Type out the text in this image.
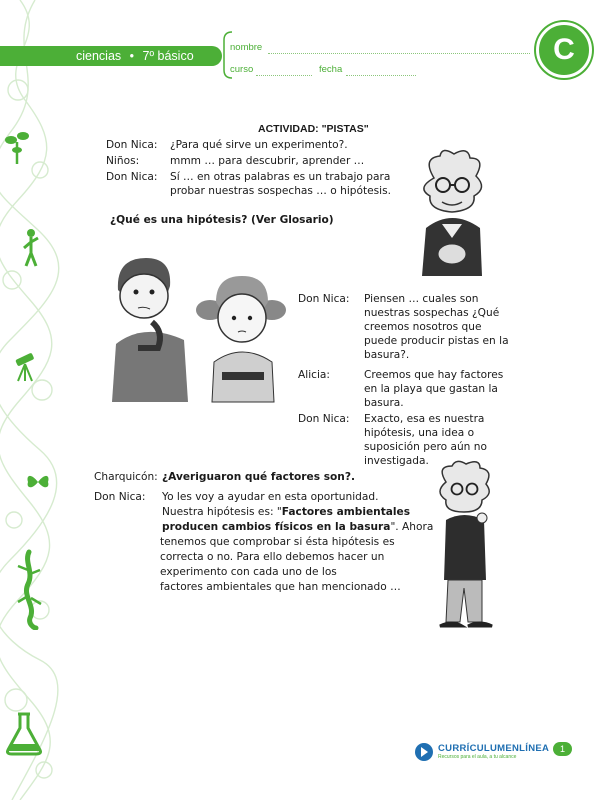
ciencias • 7º básico
nombre
curso	fecha
C
ACTIVIDAD: "PISTAS"
Don Nica: ¿Para qué sirve un experimento?.
Niños:	mmm … para descubrir, aprender …
Don Nica: Sí … en otras palabras es un trabajo para
probar nuestras sospechas … o hipótesis.
¿Qué es una hipótesis? (Ver Glosario)
Don Nica: Piensen … cuales son
nuestras sospechas ¿Qué
creemos nosotros que
puede producir pistas en la
basura?.
Alicia:	Creemos que hay factores
en la playa que gastan la
basura.
Don Nica: Exacto, esa es nuestra
hipótesis, una idea o
suposición pero aún no
investigada.
Charquicón: ¿Averiguaron qué factores son?.
Don Nica: Yo les voy a ayudar en esta oportunidad.
Nuestra hipótesis es: "Factores ambientales
producen cambios físicos en la basura". Ahora
tenemos que comprobar si ésta hipótesis es
correcta o no. Para ello debemos hacer un
experimento con cada uno de los
factores ambientales que han mencionado …
CURRÍCULUMENLÍNEA
Recursos para el aula, a tu alcance
1
